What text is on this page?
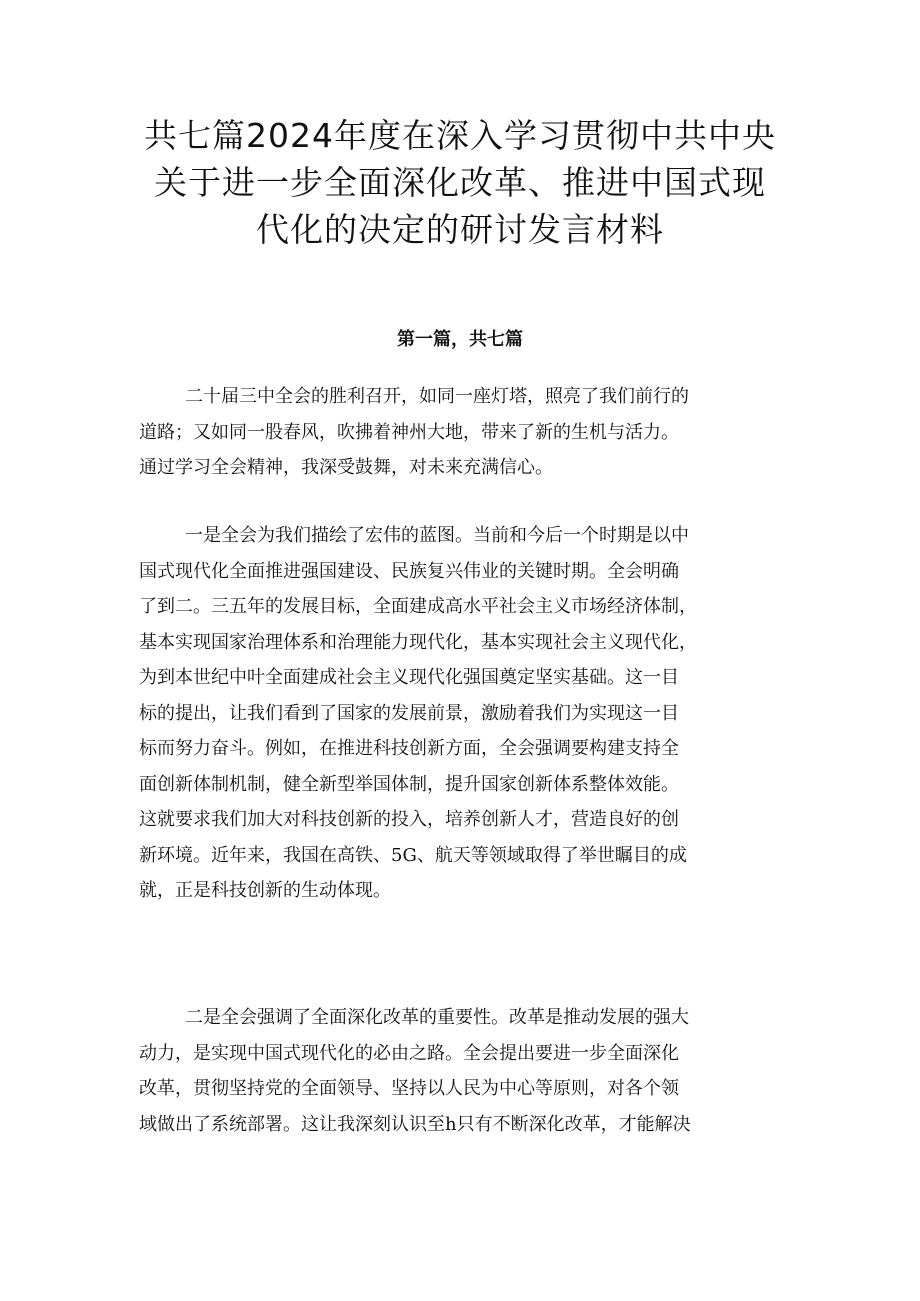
共七篇2024年度在深入学习贯彻中共中央
关于进一步全面深化改革、推进中国式现
代化的决定的研讨发言材料
第一篇，共七篇

二十届三中全会的胜利召开，如同一座灯塔，照亮了我们前行的
道路；又如同一股春风，吹拂着神州大地，带来了新的生机与活力。
通过学习全会精神，我深受鼓舞，对未来充满信心。

一是全会为我们描绘了宏伟的蓝图。当前和今后一个时期是以中
国式现代化全面推进强国建设、民族复兴伟业的关键时期。全会明确
了到二。三五年的发展目标，全面建成高水平社会主义市场经济体制，
基本实现国家治理体系和治理能力现代化，基本实现社会主义现代化，
为到本世纪中叶全面建成社会主义现代化强国奠定坚实基础。这一目
标的提出，让我们看到了国家的发展前景，激励着我们为实现这一目
标而努力奋斗。例如，在推进科技创新方面，全会强调要构建支持全
面创新体制机制，健全新型举国体制，提升国家创新体系整体效能。
这就要求我们加大对科技创新的投入，培养创新人才，营造良好的创
新环境。近年来，我国在高铁、5G、航天等领域取得了举世瞩目的成
就，正是科技创新的生动体现。

二是全会强调了全面深化改革的重要性。改革是推动发展的强大
动力，是实现中国式现代化的必由之路。全会提出要进一步全面深化
改革，贯彻坚持党的全面领导、坚持以人民为中心等原则，对各个领
域做出了系统部署。这让我深刻认识至h只有不断深化改革，才能解决
